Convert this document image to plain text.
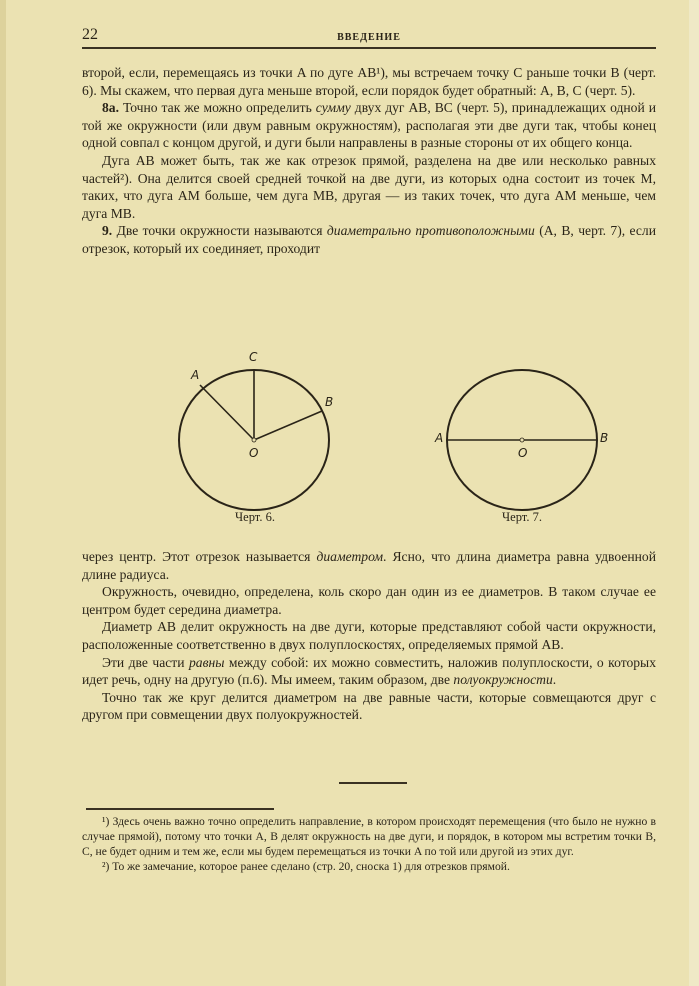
22	ВВЕДЕНИЕ

второй, если, перемещаясь из точки A по дуге AB¹), мы встречаем точку C раньше точки B (черт. 6). Мы скажем, что первая дуга меньше второй, если порядок будет обратный: A, B, C (черт. 5).

8а. Точно так же можно определить сумму двух дуг AB, BC (черт. 5), принадлежащих одной и той же окружности (или двум равным окружностям), располагая эти две дуги так, чтобы конец одной совпал с концом другой, и дуги были направлены в разные стороны от их общего конца.

Дуга AB может быть, так же как отрезок прямой, разделена на две или несколько равных частей²). Она делится своей средней точкой на две дуги, из которых одна состоит из точек M, таких, что дуга AM больше, чем дуга MB, другая — из таких точек, что дуга AM меньше, чем дуга MB.

9. Две точки окружности называются диаметрально противоположными (A, B, черт. 7), если отрезок, который их соединяет, проходит

C
A
B
O
Черт. 6.
A	B
O
Черт. 7.

через центр. Этот отрезок называется диаметром. Ясно, что длина диаметра равна удвоенной длине радиуса.

Окружность, очевидно, определена, коль скоро дан один из ее диаметров. В таком случае ее центром будет середина диаметра.

Диаметр AB делит окружность на две дуги, которые представляют собой части окружности, расположенные соответственно в двух полуплоскостях, определяемых прямой AB.

Эти две части равны между собой: их можно совместить, наложив полуплоскости, о которых идет речь, одну на другую (п.6). Мы имеем, таким образом, две полуокружности.

Точно так же круг делится диаметром на две равные части, которые совмещаются друг с другом при совмещении двух полуокружностей.

¹) Здесь очень важно точно определить направление, в котором происходят перемещения (что было не нужно в случае прямой), потому что точки A, B делят окружность на две дуги, и порядок, в котором мы встретим точки B, C, не будет одним и тем же, если мы будем перемещаться из точки A по той или другой из этих дуг.

²) То же замечание, которое ранее сделано (стр. 20, сноска 1) для отрезков прямой.
